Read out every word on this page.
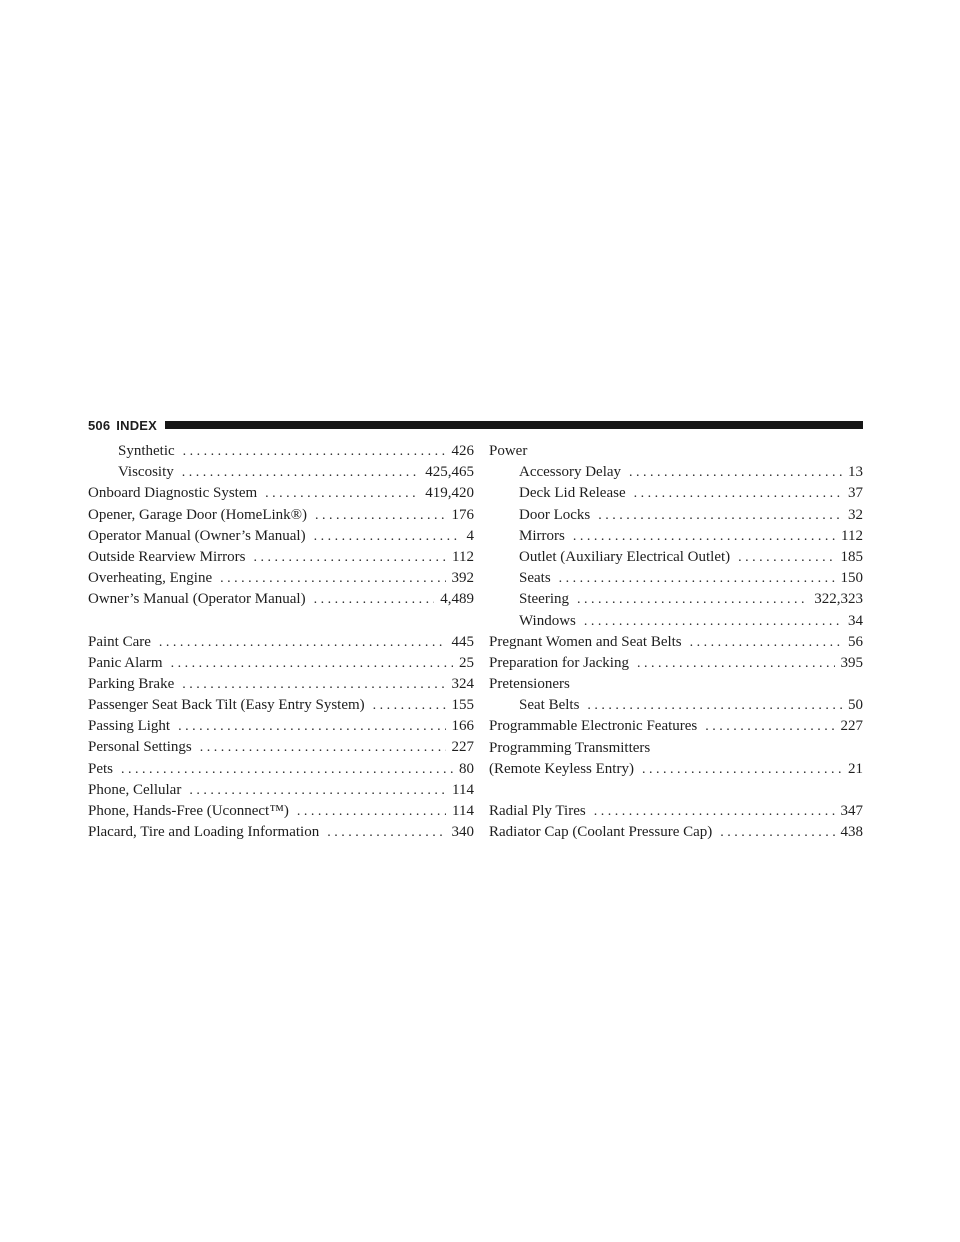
506 INDEX
Synthetic . . .	426
Viscosity . . .	425,465
Onboard Diagnostic System . . .	419,420
Opener, Garage Door (HomeLink®) . . .	176
Operator Manual (Owner’s Manual) . . .	4
Outside Rearview Mirrors . . .	112
Overheating, Engine . . .	392
Owner’s Manual (Operator Manual) . . .	4,489
Paint Care . . .	445
Panic Alarm . . .	25
Parking Brake . . .	324
Passenger Seat Back Tilt (Easy Entry System) . . .	155
Passing Light . . .	166
Personal Settings . . .	227
Pets . . .	80
Phone, Cellular . . .	114
Phone, Hands-Free (Uconnect™) . . .	114
Placard, Tire and Loading Information . . .	340
Power
Accessory Delay . . .	13
Deck Lid Release . . .	37
Door Locks . . .	32
Mirrors . . .	112
Outlet (Auxiliary Electrical Outlet) . . .	185
Seats . . .	150
Steering . . .	322,323
Windows . . .	34
Pregnant Women and Seat Belts . . .	56
Preparation for Jacking . . .	395
Pretensioners
Seat Belts . . .	50
Programmable Electronic Features . . .	227
Programming Transmitters
(Remote Keyless Entry) . . .	21
Radial Ply Tires . . .	347
Radiator Cap (Coolant Pressure Cap) . . .	438
